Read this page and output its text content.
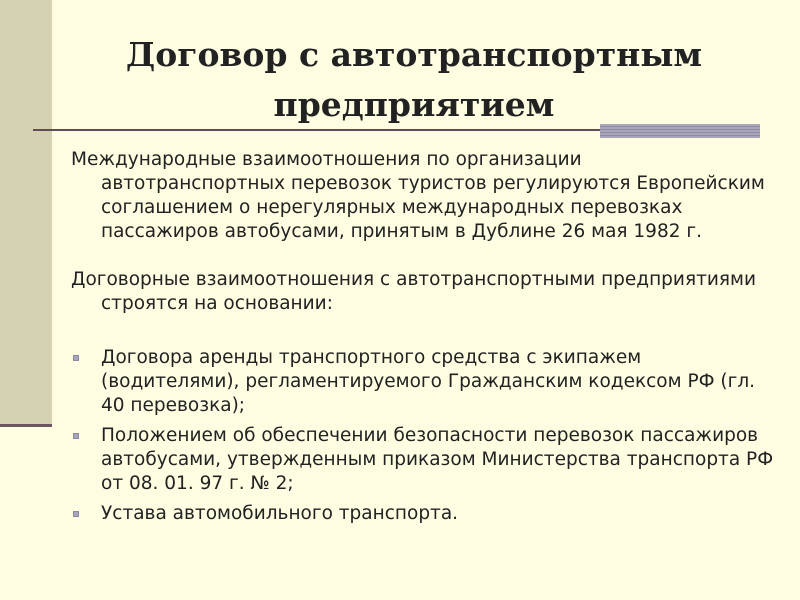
Договор с автотранспортным предприятием

Международные взаимоотношения по организации автотранспортных перевозок туристов регулируются Европейским соглашением о нерегулярных международных перевозках пассажиров автобусами, принятым в Дублине 26 мая 1982 г.

Договорные взаимоотношения с автотранспортными предприятиями строятся на основании:

Договора аренды транспортного средства с экипажем (водителями), регламентируемого Гражданским кодексом РФ (гл. 40 перевозка);
Положением об обеспечении безопасности перевозок пассажиров автобусами, утвержденным приказом Министерства транспорта РФ от 08. 01. 97 г. № 2;
Устава автомобильного транспорта.
